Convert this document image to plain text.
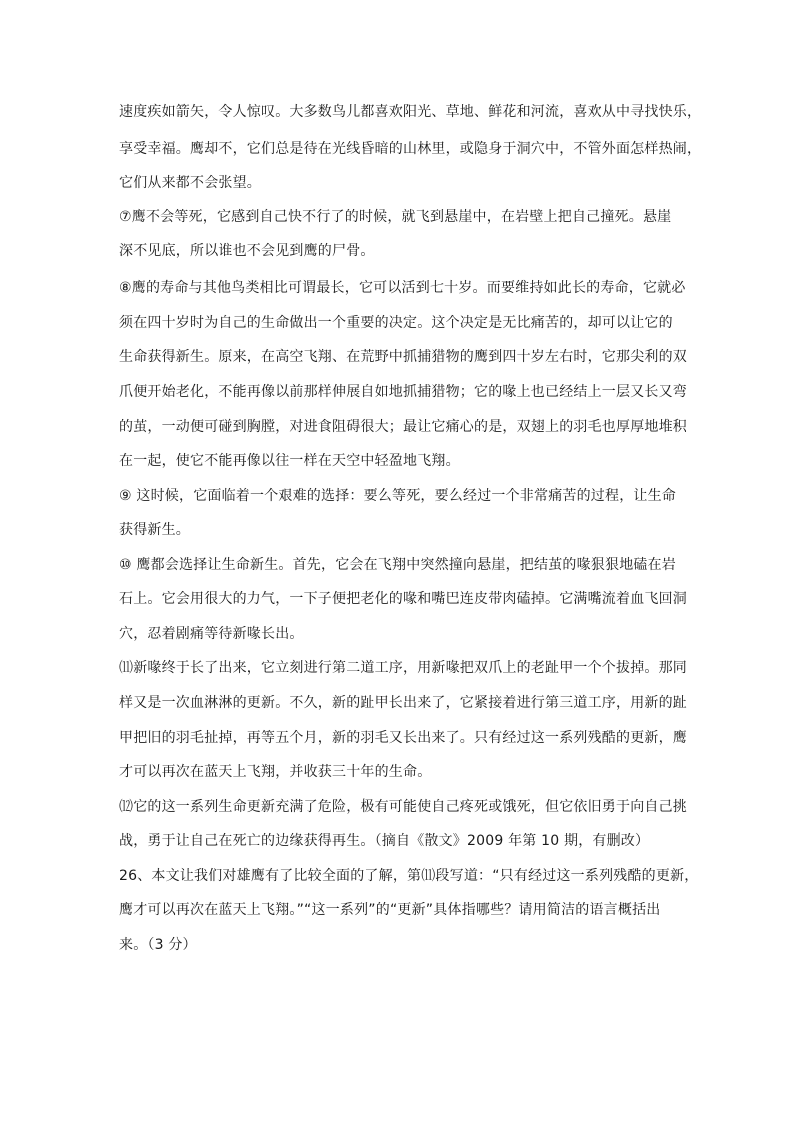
速度疾如箭矢，令人惊叹。大多数鸟儿都喜欢阳光、草地、鲜花和河流，喜欢从中寻找快乐，
享受幸福。鹰却不，它们总是待在光线昏暗的山林里，或隐身于洞穴中，不管外面怎样热闹，
它们从来都不会张望。
⑦鹰不会等死，它感到自己快不行了的时候，就飞到悬崖中，在岩壁上把自己撞死。悬崖
深不见底，所以谁也不会见到鹰的尸骨。
⑧鹰的寿命与其他鸟类相比可谓最长，它可以活到七十岁。而要维持如此长的寿命，它就必
须在四十岁时为自己的生命做出一个重要的决定。这个决定是无比痛苦的，却可以让它的
生命获得新生。原来，在高空飞翔、在荒野中抓捕猎物的鹰到四十岁左右时，它那尖利的双
爪便开始老化，不能再像以前那样伸展自如地抓捕猎物；它的喙上也已经结上一层又长又弯
的茧，一动便可碰到胸膛，对进食阻碍很大；最让它痛心的是，双翅上的羽毛也厚厚地堆积
在一起，使它不能再像以往一样在天空中轻盈地飞翔。
⑨ 这时候，它面临着一个艰难的选择：要么等死，要么经过一个非常痛苦的过程，让生命
获得新生。
⑩ 鹰都会选择让生命新生。首先，它会在飞翔中突然撞向悬崖，把结茧的喙狠狠地磕在岩
石上。它会用很大的力气，一下子便把老化的喙和嘴巴连皮带肉磕掉。它满嘴流着血飞回洞
穴，忍着剧痛等待新喙长出。
⑾新喙终于长了出来，它立刻进行第二道工序，用新喙把双爪上的老趾甲一个个拔掉。那同
样又是一次血淋淋的更新。不久，新的趾甲长出来了，它紧接着进行第三道工序，用新的趾
甲把旧的羽毛扯掉，再等五个月，新的羽毛又长出来了。只有经过这一系列残酷的更新，鹰
才可以再次在蓝天上飞翔，并收获三十年的生命。
⑿它的这一系列生命更新充满了危险，极有可能使自己疼死或饿死，但它依旧勇于向自己挑
战，勇于让自己在死亡的边缘获得再生。（摘自《散文》2009 年第 10 期，有删改）
26、本文让我们对雄鹰有了比较全面的了解，第⑾段写道：“只有经过这一系列残酷的更新，
鹰才可以再次在蓝天上飞翔。”“这一系列”的“更新”具体指哪些？请用简洁的语言概括出
来。（3 分）
